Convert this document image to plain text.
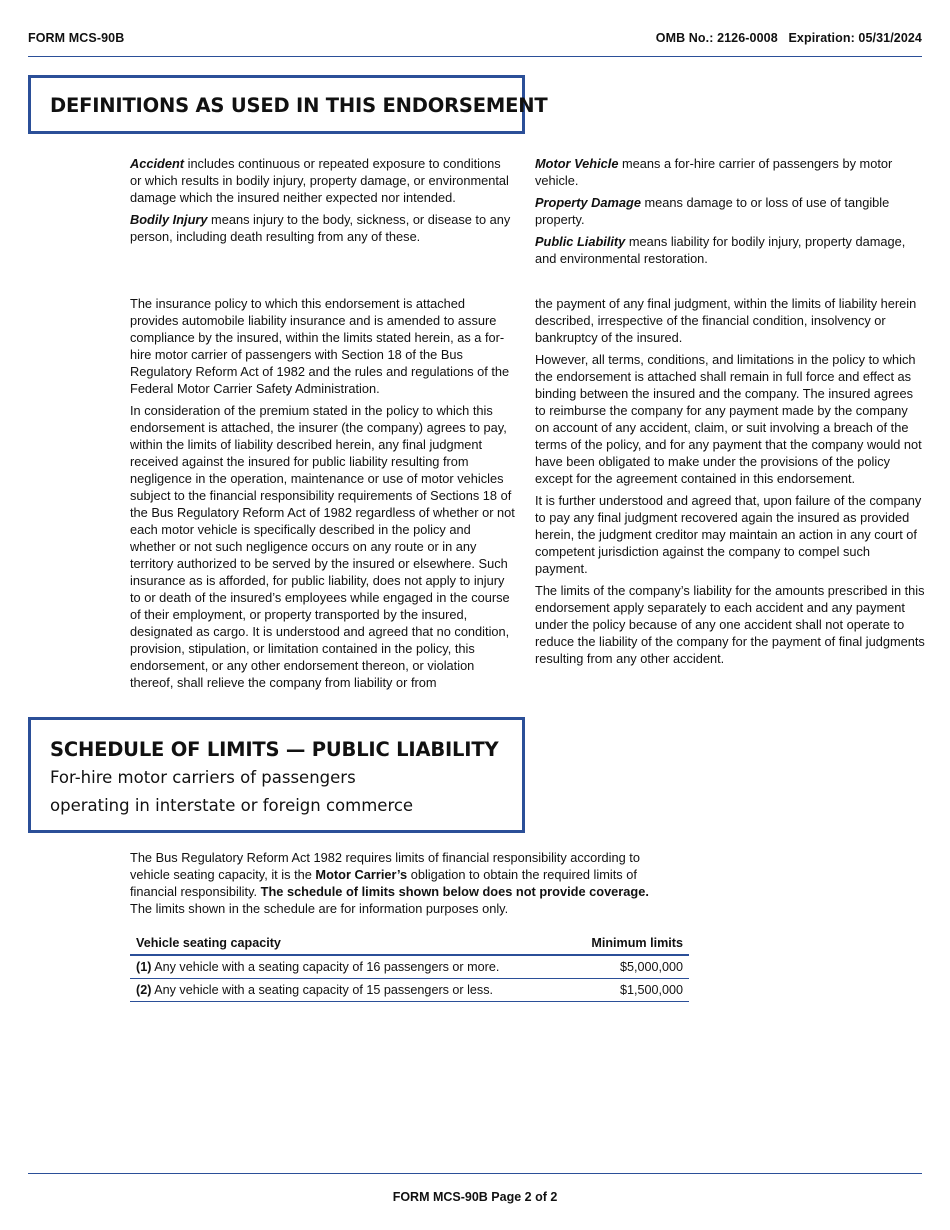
FORM MCS-90B	OMB No.: 2126-0008 Expiration: 05/31/2024
DEFINITIONS AS USED IN THIS ENDORSEMENT

Accident includes continuous or repeated exposure to conditions or which results in bodily injury, property damage, or environmental damage which the insured neither expected nor intended.

Bodily Injury means injury to the body, sickness, or disease to any person, including death resulting from any of these.

Motor Vehicle means a for-hire carrier of passengers by motor vehicle.

Property Damage means damage to or loss of use of tangible property.

Public Liability means liability for bodily injury, property damage, and environmental restoration.

The insurance policy to which this endorsement is attached provides automobile liability insurance and is amended to assure compliance by the insured, within the limits stated herein, as a for-hire motor carrier of passengers with Section 18 of the Bus Regulatory Reform Act of 1982 and the rules and regulations of the Federal Motor Carrier Safety Administration.

In consideration of the premium stated in the policy to which this endorsement is attached, the insurer (the company) agrees to pay, within the limits of liability described herein, any final judgment received against the insured for public liability resulting from negligence in the operation, maintenance or use of motor vehicles subject to the financial responsibility requirements of Sections 18 of the Bus Regulatory Reform Act of 1982 regardless of whether or not each motor vehicle is specifically described in the policy and whether or not such negligence occurs on any route or in any territory authorized to be served by the insured or elsewhere. Such insurance as is afforded, for public liability, does not apply to injury to or death of the insured’s employees while engaged in the course of their employment, or property transported by the insured, designated as cargo. It is understood and agreed that no condition, provision, stipulation, or limitation contained in the policy, this endorsement, or any other endorsement thereon, or violation thereof, shall relieve the company from liability or from

the payment of any final judgment, within the limits of liability herein described, irrespective of the financial condition, insolvency or bankruptcy of the insured.

However, all terms, conditions, and limitations in the policy to which the endorsement is attached shall remain in full force and effect as binding between the insured and the company. The insured agrees to reimburse the company for any payment made by the company on account of any accident, claim, or suit involving a breach of the terms of the policy, and for any payment that the company would not have been obligated to make under the provisions of the policy except for the agreement contained in this endorsement.

It is further understood and agreed that, upon failure of the company to pay any final judgment recovered again the insured as provided herein, the judgment creditor may maintain an action in any court of competent jurisdiction against the company to compel such payment.

The limits of the company’s liability for the amounts prescribed in this endorsement apply separately to each accident and any payment under the policy because of any one accident shall not operate to reduce the liability of the company for the payment of final judgments resulting from any other accident.

SCHEDULE OF LIMITS — PUBLIC LIABILITY
For-hire motor carriers of passengers
operating in interstate or foreign commerce
The Bus Regulatory Reform Act 1982 requires limits of financial responsibility according to vehicle seating capacity, it is the Motor Carrier’s obligation to obtain the required limits of financial responsibility. The schedule of limits shown below does not provide coverage. The limits shown in the schedule are for information purposes only.
Vehicle seating capacity	Minimum limits
(1) Any vehicle with a seating capacity of 16 passengers or more.	$5,000,000
(2) Any vehicle with a seating capacity of 15 passengers or less.	$1,500,000
FORM MCS-90B Page 2 of 2
